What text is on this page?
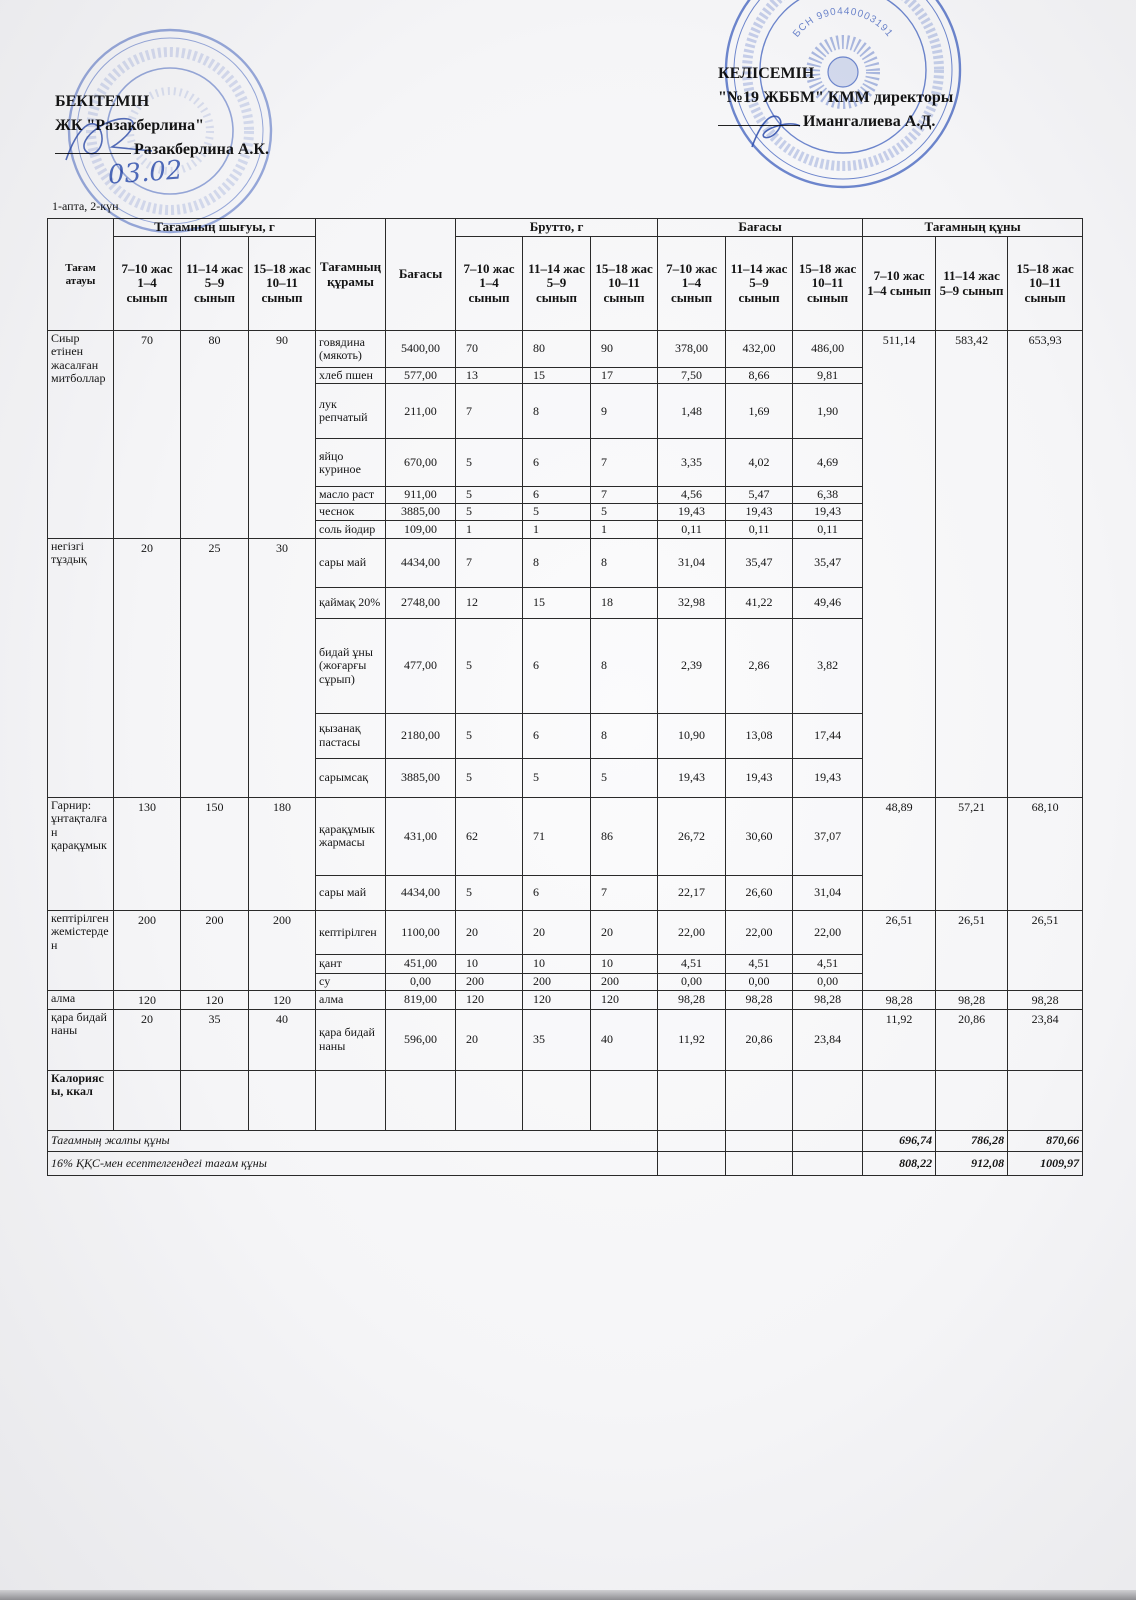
БЕКІТЕМІН
ЖК "Разакберлина"
Разакберлина А.К.
КЕЛІСЕМІН
"№19 ЖББМ" КММ директоры
Имангалиева А.Д.
1-апта, 2-күн
Тағам атауы	Тағамның шығуы, г			Тағамның құрамы	Бағасы	Брутто, г			Бағасы			Тағамның құны		
	7–10 жас 1–4 сынып	11–14 жас 5–9 сынып	15–18 жас 10–11 сынып			7–10 жас 1–4 сынып	11–14 жас 5–9 сынып	15–18 жас 10–11 сынып	7–10 жас 1–4 сынып	11–14 жас 5–9 сынып	15–18 жас 10–11 сынып	7–10 жас 1–4 сынып	11–14 жас 5–9 сынып	15–18 жас 10–11 сынып
Сиыр етінен жасалған митболлар	70	80	90	говядина (мякоть)	5400,00	70	80	90	378,00	432,00	486,00	511,14	583,42	653,93
				хлеб пшен	577,00	13	15	17	7,50	8,66	9,81			
				лук репчатый	211,00	7	8	9	1,48	1,69	1,90			
				яйцо куриное	670,00	5	6	7	3,35	4,02	4,69			
				масло раст	911,00	5	6	7	4,56	5,47	6,38			
				чеснок	3885,00	5	5	5	19,43	19,43	19,43			
				соль йодир	109,00	1	1	1	0,11	0,11	0,11			
негізгі тұздық	20	25	30	сары май	4434,00	7	8	8	31,04	35,47	35,47			
				қаймақ 20%	2748,00	12	15	18	32,98	41,22	49,46			
				бидай ұны (жоғарғы сұрып)	477,00	5	6	8	2,39	2,86	3,82			
				қызанақ пастасы	2180,00	5	6	8	10,90	13,08	17,44			
				сарымсақ	3885,00	5	5	5	19,43	19,43	19,43			
Гарнир: ұнтақталған қарақұмык	130	150	180	қарақұмык жармасы	431,00	62	71	86	26,72	30,60	37,07	48,89	57,21	68,10
				сары май	4434,00	5	6	7	22,17	26,60	31,04			
кептірілген жемістерден	200	200	200	кептірілген	1100,00	20	20	20	22,00	22,00	22,00	26,51	26,51	26,51
				қант	451,00	10	10	10	4,51	4,51	4,51			
				су	0,00	200	200	200	0,00	0,00	0,00			
алма	120	120	120	алма	819,00	120	120	120	98,28	98,28	98,28	98,28	98,28	98,28
қара бидай наны	20	35	40	қара бидай наны	596,00	20	35	40	11,92	20,86	23,84	11,92	20,86	23,84
Калориясы, ккал														
Тағамның жалпы құны												696,74	786,28	870,66
16% ҚҚС-мен есептелгендегі тағам құны												808,22	912,08	1009,97
БСН 990440003191
03.02
